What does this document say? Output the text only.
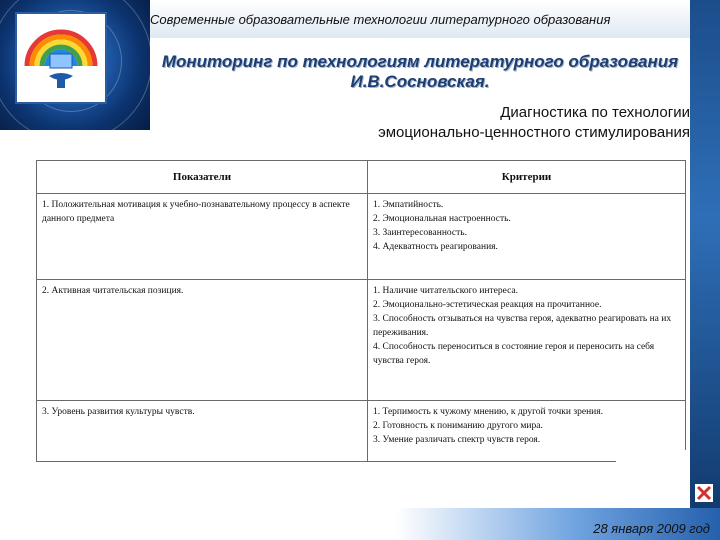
Современные образовательные технологии литературного образования
Мониторинг по технологиям литературного образования
И.В.Сосновская.
Диагностика по технологии
эмоционально-ценностного стимулирования
Показатели	Критерии

1. Положительная мотивация к учебно-познавательному процессу в аспекте данного предмета	1. Эмпатийность.

2. Эмоциональная настроенность.

3. Заинтересованность.

4. Адекватность реагирования.

2. Активная читательская позиция.	1. Наличие читательского интереса.

2. Эмоционально-эстетическая реакция на прочитанное.

3. Способность отзываться на чувства героя, адекватно реагировать на их переживания.

4. Способность переноситься в состояние героя и переносить на себя чувства героя.

3. Уровень развития культуры чувств.	1. Терпимость к чужому мнению, к другой точки зрения.

2. Готовность к пониманию другого мира.

3. Умение различать спектр чувств героя.

28 января 2009 год
